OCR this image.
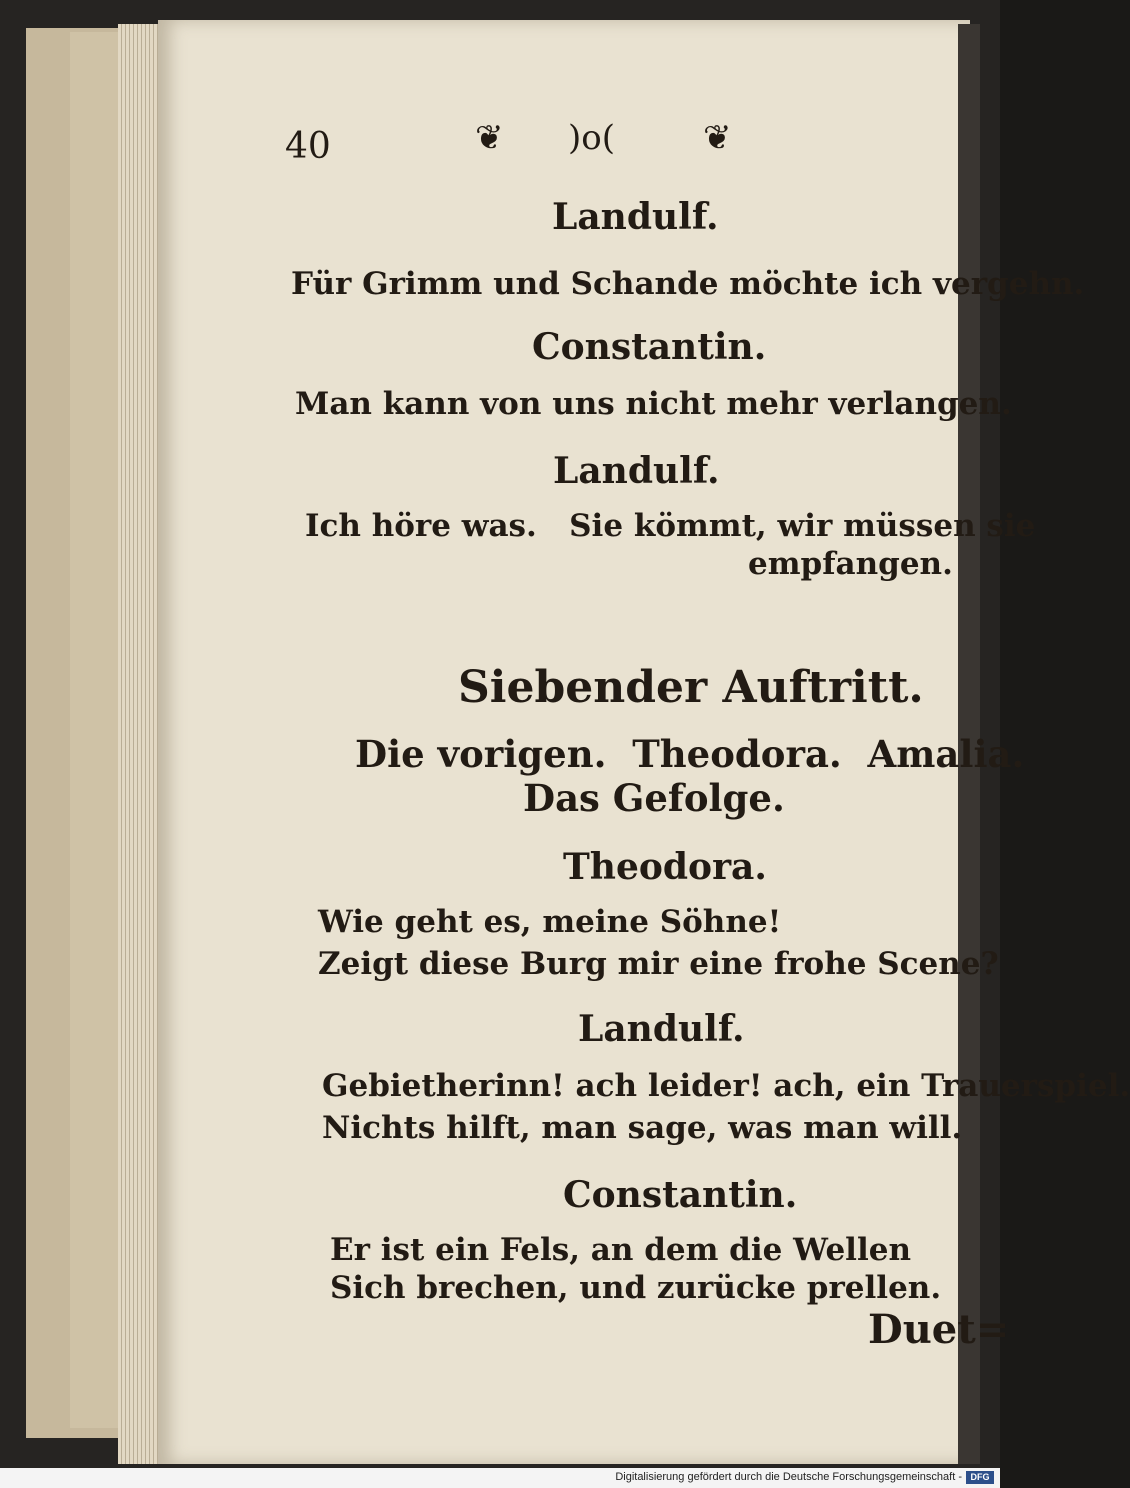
40	❦ )o(	❦
Landulf.
Für Grimm und Schande möchte ich vergehn.
Constantin.
Man kann von uns nicht mehr verlangen.
Landulf.
Ich höre was.   Sie kömmt, wir müssen sie
empfangen.
Siebender Auftritt.
Die vorigen.  Theodora.  Amalia.
Das Gefolge.
Theodora.
Wie geht es, meine Söhne!
Zeigt diese Burg mir eine frohe Scene?
Landulf.
Gebietherinn! ach leider! ach, ein Trauerspiel.
Nichts hilft, man sage, was man will.
Constantin.
Er ist ein Fels, an dem die Wellen
Sich brechen, und zurücke prellen.
Duet=
Digitalisierung gefördert durch die Deutsche Forschungsgemeinschaft - DFG
